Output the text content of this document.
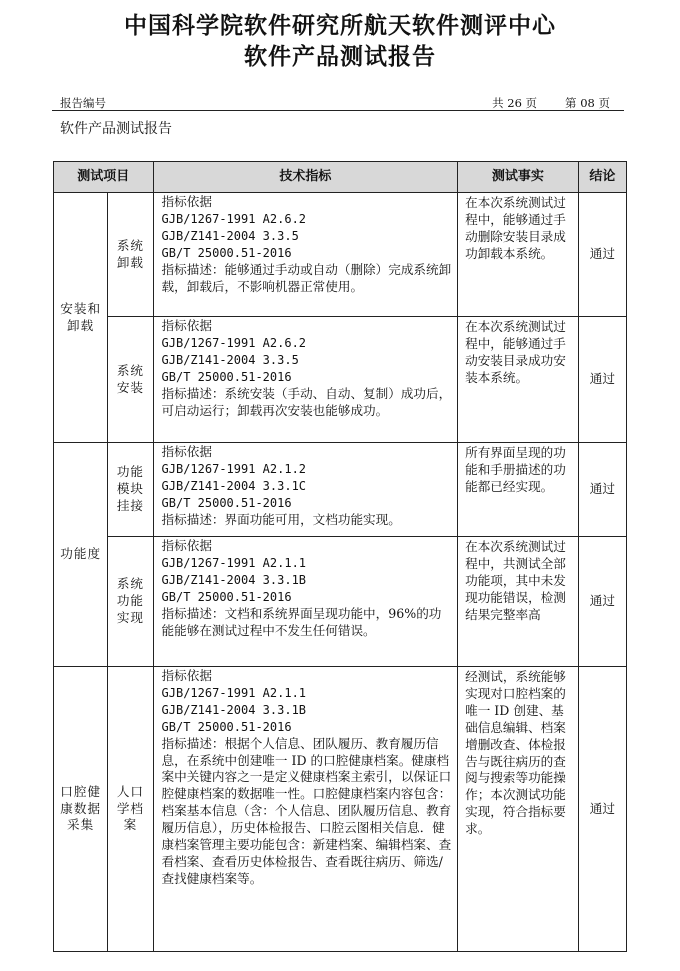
中国科学院软件研究所航天软件测评中心
软件产品测试报告
报告编号	共 26 页 第 08 页
软件产品测试报告
测试项目		技术指标	测试事实	结论
安装和卸载	系统卸载	指标依据
GJB/1267-1991 A2.6.2
GJB/Z141-2004 3.3.5
GB/T 25000.51-2016
指标描述：能够通过手动或自动（删除）完成系统卸载，卸载后，不影响机器正常使用。	在本次系统测试过程中，能够通过手动删除安装目录成功卸载本系统。	通过
	系统安装	指标依据
GJB/1267-1991 A2.6.2
GJB/Z141-2004 3.3.5
GB/T 25000.51-2016
指标描述：系统安装（手动、自动、复制）成功后，可启动运行；卸载再次安装也能够成功。	在本次系统测试过程中，能够通过手动安装目录成功安装本系统。	通过
功能度	功能模块挂接	指标依据
GJB/1267-1991 A2.1.2
GJB/Z141-2004 3.3.1C
GB/T 25000.51-2016
指标描述：界面功能可用，文档功能实现。	所有界面呈现的功能和手册描述的功能都已经实现。	通过
	系统功能实现	指标依据
GJB/1267-1991 A2.1.1
GJB/Z141-2004 3.3.1B
GB/T 25000.51-2016
指标描述：文档和系统界面呈现功能中，96%的功能能够在测试过程中不发生任何错误。	在本次系统测试过程中，共测试全部功能项，其中未发现功能错误，检测结果完整率高	通过
口腔健康数据采集	人口学档案	指标依据
GJB/1267-1991 A2.1.1
GJB/Z141-2004 3.3.1B
GB/T 25000.51-2016
指标描述：根据个人信息、团队履历、教育履历信息，在系统中创建唯一 ID 的口腔健康档案。健康档案中关键内容之一是定义健康档案主索引，以保证口腔健康档案的数据唯一性。口腔健康档案内容包含：档案基本信息（含：个人信息、团队履历信息、教育履历信息），历史体检报告、口腔云图相关信息．健康档案管理主要功能包含：新建档案、编辑档案、查看档案、查看历史体检报告、查看既往病历、筛选/查找健康档案等。	经测试，系统能够实现对口腔档案的唯一 ID 创建、基础信息编辑、档案增删改查、体检报告与既往病历的查阅与搜索等功能操作；本次测试功能实现，符合指标要求。	通过
